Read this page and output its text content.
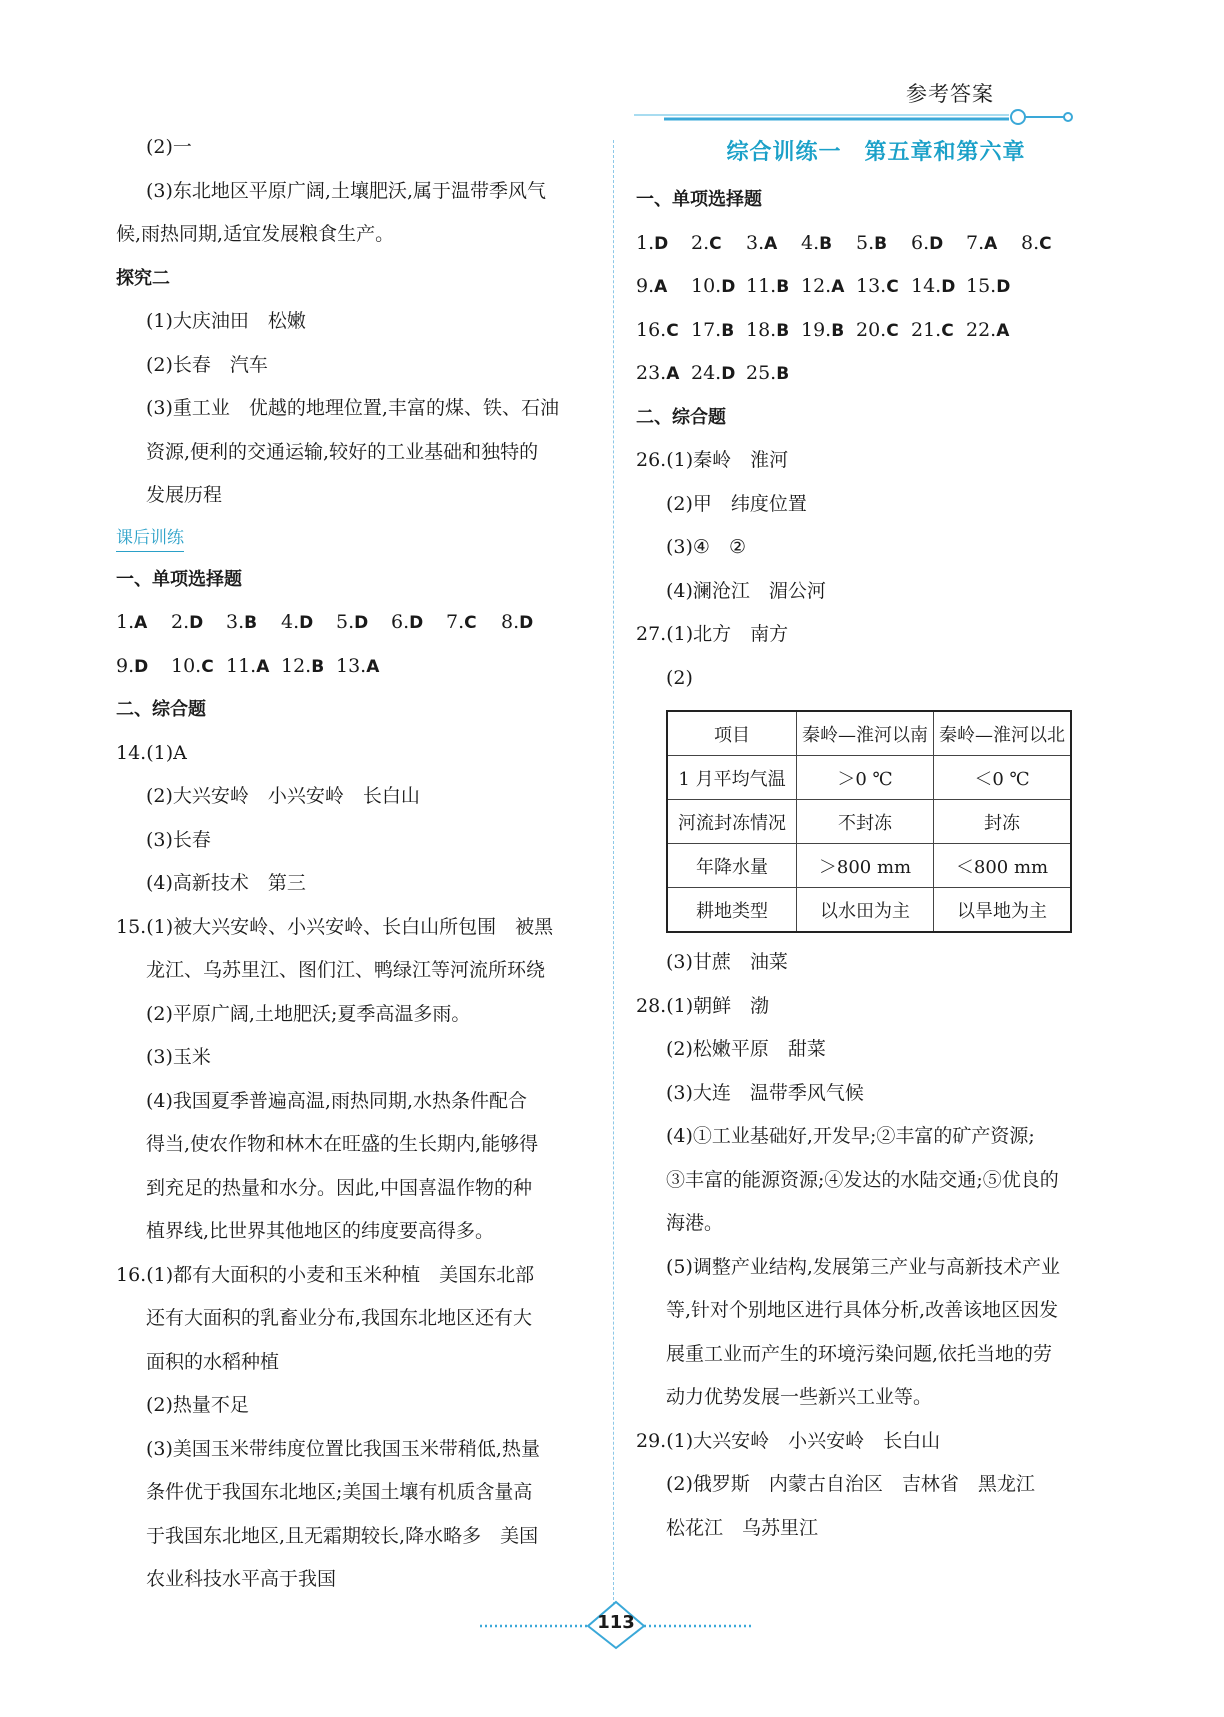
参考答案
(2)一
(3)东北地区平原广阔,土壤肥沃,属于温带季风气
候,雨热同期,适宜发展粮食生产。
探究二
(1)大庆油田　松嫩
(2)长春　汽车
(3)重工业　优越的地理位置,丰富的煤、铁、石油
资源,便利的交通运输,较好的工业基础和独特的
发展历程
课后训练
一、单项选择题
1.A	2.D	3.B	4.D	5.D	6.D	7.C	8.D
9.D	10.C 11.A 12.B 13.A
二、综合题
14.(1)A
(2)大兴安岭　小兴安岭　长白山
(3)长春
(4)高新技术　第三
15.(1)被大兴安岭、小兴安岭、长白山所包围　被黑
龙江、乌苏里江、图们江、鸭绿江等河流所环绕
(2)平原广阔,土地肥沃;夏季高温多雨。
(3)玉米
(4)我国夏季普遍高温,雨热同期,水热条件配合
得当,使农作物和林木在旺盛的生长期内,能够得
到充足的热量和水分。因此,中国喜温作物的种
植界线,比世界其他地区的纬度要高得多。
16.(1)都有大面积的小麦和玉米种植　美国东北部
还有大面积的乳畜业分布,我国东北地区还有大
面积的水稻种植
(2)热量不足
(3)美国玉米带纬度位置比我国玉米带稍低,热量
条件优于我国东北地区;美国土壤有机质含量高
于我国东北地区,且无霜期较长,降水略多　美国
农业科技水平高于我国
综合训练一　第五章和第六章
一、单项选择题
1.D	2.C	3.A	4.B	5.B	6.D	7.A	8.C
9.A	10.D 11.B 12.A 13.C 14.D 15.D
16.C 17.B 18.B 19.B 20.C 21.C 22.A
23.A 24.D 25.B
二、综合题
26.(1)秦岭　淮河
(2)甲　纬度位置
(3)④　②
(4)澜沧江　湄公河
27.(1)北方　南方
(2)
项目	秦岭—淮河以南	秦岭—淮河以北
1 月平均气温	＞0 ℃	＜0 ℃
河流封冻情况	不封冻	封冻
年降水量	＞800 mm	＜800 mm
耕地类型	以水田为主	以旱地为主
(3)甘蔗　油菜
28.(1)朝鲜　渤
(2)松嫩平原　甜菜
(3)大连　温带季风气候
(4)①工业基础好,开发早;②丰富的矿产资源;
③丰富的能源资源;④发达的水陆交通;⑤优良的
海港。
(5)调整产业结构,发展第三产业与高新技术产业
等,针对个别地区进行具体分析,改善该地区因发
展重工业而产生的环境污染问题,依托当地的劳
动力优势发展一些新兴工业等。
29.(1)大兴安岭　小兴安岭　长白山
(2)俄罗斯　内蒙古自治区　吉林省　黑龙江
松花江　乌苏里江
113
